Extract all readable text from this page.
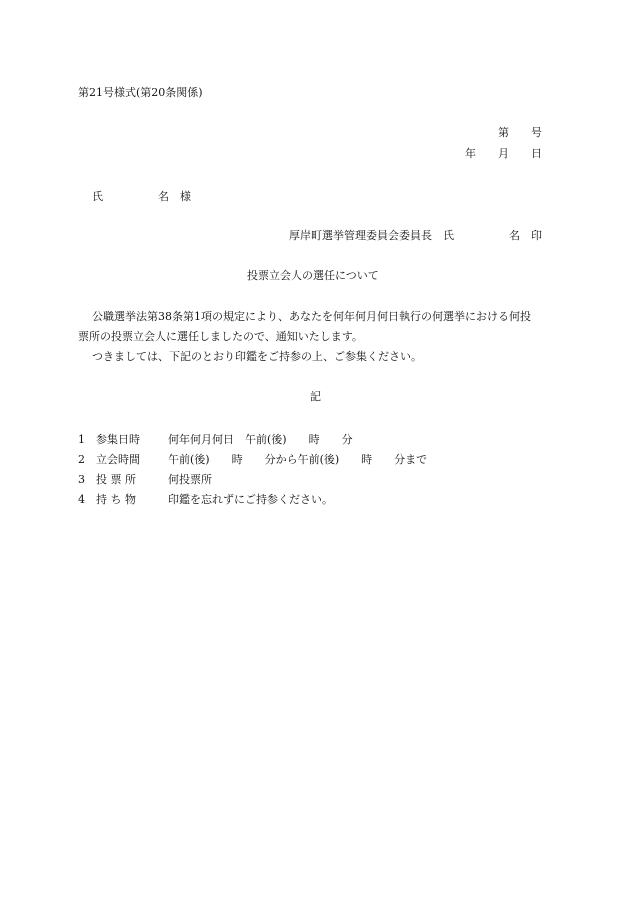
第21号様式(第20条関係)
第　　号
年　　月　　日
氏　　　　　名　様
厚岸町選挙管理委員会委員長　氏　　　　　名　印
投票立会人の選任について
公職選挙法第38条第1項の規定により、あなたを何年何月何日執行の何選挙における何投
票所の投票立会人に選任しましたので、通知いたします。
つきましては、下記のとおり印鑑をご持参の上、ご参集ください。
記
1 参集日時	何年何月何日　午前(後)　　時　　分
2 立会時間	午前(後)　　時　　分から午前(後)　　時　　分まで
3 投 票 所	何投票所
4 持 ち 物	印鑑を忘れずにご持参ください。
